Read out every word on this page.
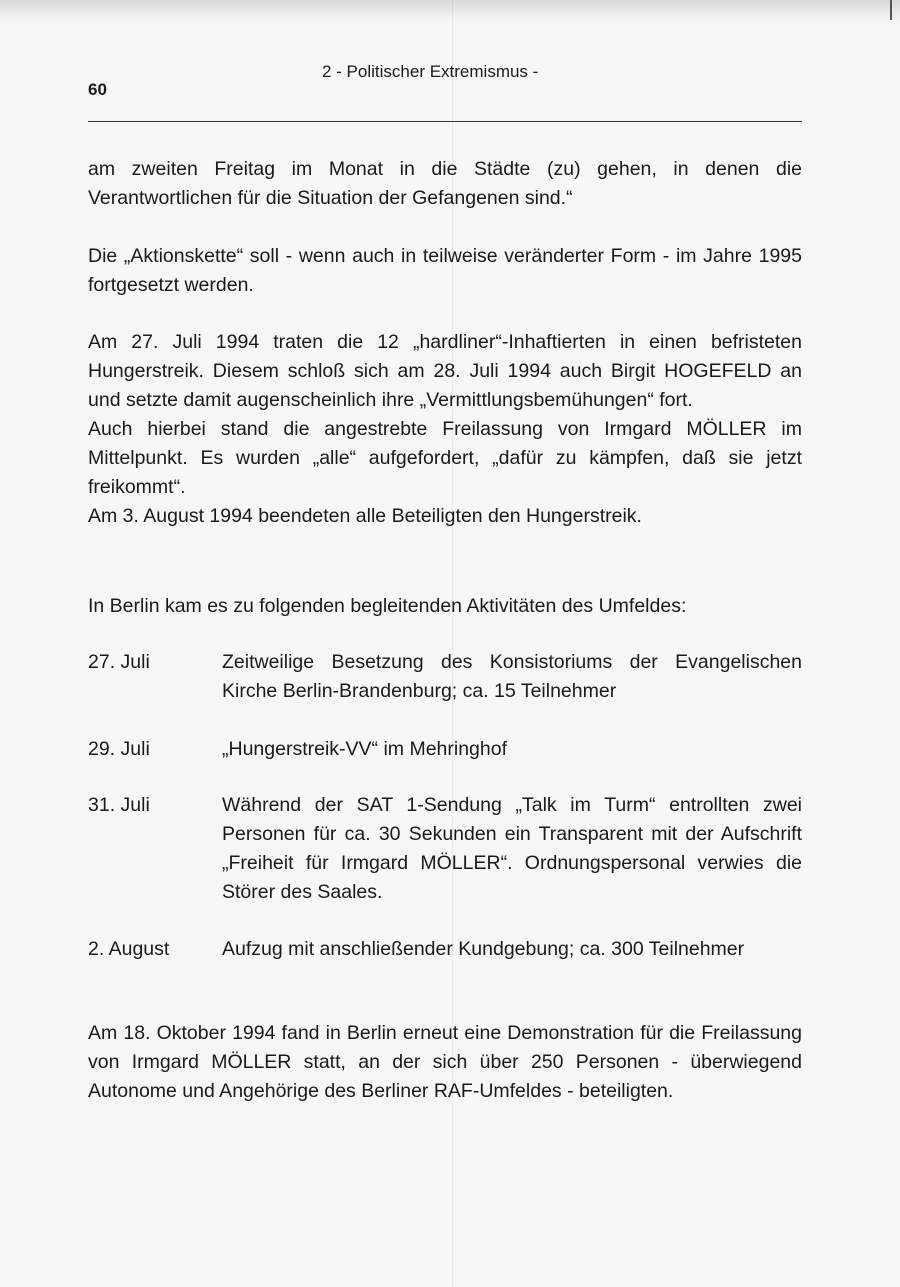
60
2 - Politischer Extremismus -
am zweiten Freitag im Monat in die Städte (zu) gehen, in denen die Verantwortlichen für die Situation der Gefangenen sind.“
Die „Aktionskette“ soll - wenn auch in teilweise veränderter Form - im Jahre 1995 fortgesetzt werden.
Am 27. Juli 1994 traten die 12 „hardliner“-Inhaftierten in einen befristeten Hungerstreik. Diesem schloß sich am 28. Juli 1994 auch Birgit HOGEFELD an und setzte damit augenscheinlich ihre „Vermittlungsbemühungen“ fort.
Auch hierbei stand die angestrebte Freilassung von Irmgard MÖLLER im Mittelpunkt. Es wurden „alle“ aufgefordert, „dafür zu kämpfen, daß sie jetzt freikommt“.
Am 3. August 1994 beendeten alle Beteiligten den Hungerstreik.
In Berlin kam es zu folgenden begleitenden Aktivitäten des Umfeldes:
27. Juli	Zeitweilige Besetzung des Konsistoriums der Evangelischen Kirche Berlin-Brandenburg; ca. 15 Teilnehmer
29. Juli	„Hungerstreik-VV“ im Mehringhof
31. Juli	Während der SAT 1-Sendung „Talk im Turm“ entrollten zwei Personen für ca. 30 Sekunden ein Transparent mit der Aufschrift „Freiheit für Irmgard MÖLLER“. Ordnungspersonal verwies die Störer des Saales.
2. August	Aufzug mit anschließender Kundgebung; ca. 300 Teilnehmer
Am 18. Oktober 1994 fand in Berlin erneut eine Demonstration für die Freilassung von Irmgard MÖLLER statt, an der sich über 250 Personen - überwiegend Autonome und Angehörige des Berliner RAF-Umfeldes - beteiligten.
